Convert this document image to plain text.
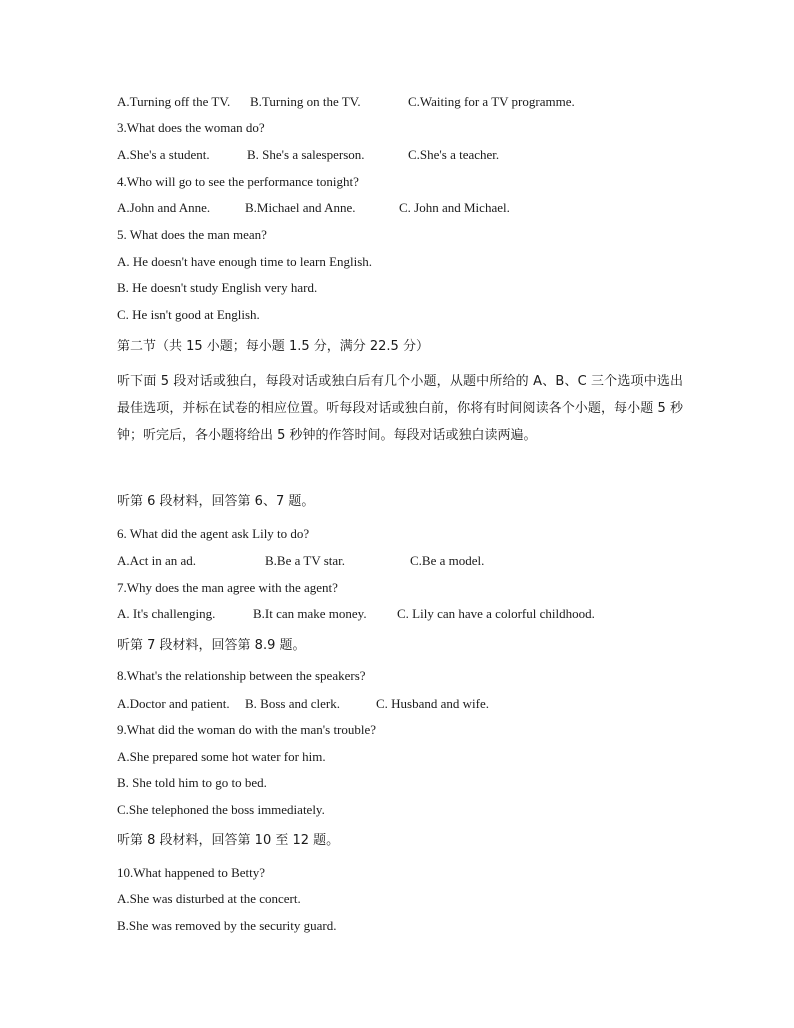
A.Turning off the TV. B.Turning on the TV.	C.Waiting for a TV programme.
3.What does the woman do?
A.She's a student.	B. She's a salesperson.	C.She's a teacher.
4.Who will go to see the performance tonight?
A.John and Anne.	B.Michael and Anne.	C. John and Michael.
5. What does the man mean?
A. He doesn't have enough time to learn English.
B. He doesn't study English very hard.
C. He isn't good at English.
第二节（共 15 小题；每小题 1.5 分，满分 22.5 分）

听下面 5 段对话或独白，每段对话或独白后有几个小题，从题中所给的 A、B、C 三个选项中选出最佳选项，并标在试卷的相应位置。听每段对话或独白前，你将有时间阅读各个小题，每小题 5 秒钟；听完后，各小题将给出 5 秒钟的作答时间。每段对话或独白读两遍。

听第 6 段材料，回答第 6、7 题。
6. What did the agent ask Lily to do?
A.Act in an ad.	B.Be a TV star.	C.Be a model.
7.Why does the man agree with the agent?
A. It's challenging.	B.It can make money. C. Lily can have a colorful childhood.
听第 7 段材料，回答第 8.9 题。
8.What's the relationship between the speakers?
A.Doctor and patient. B. Boss and clerk.	C. Husband and wife.
9.What did the woman do with the man's trouble?
A.She prepared some hot water for him.
B. She told him to go to bed.
C.She telephoned the boss immediately.
听第 8 段材料，回答第 10 至 12 题。
10.What happened to Betty?
A.She was disturbed at the concert.
B.She was removed by the security guard.
